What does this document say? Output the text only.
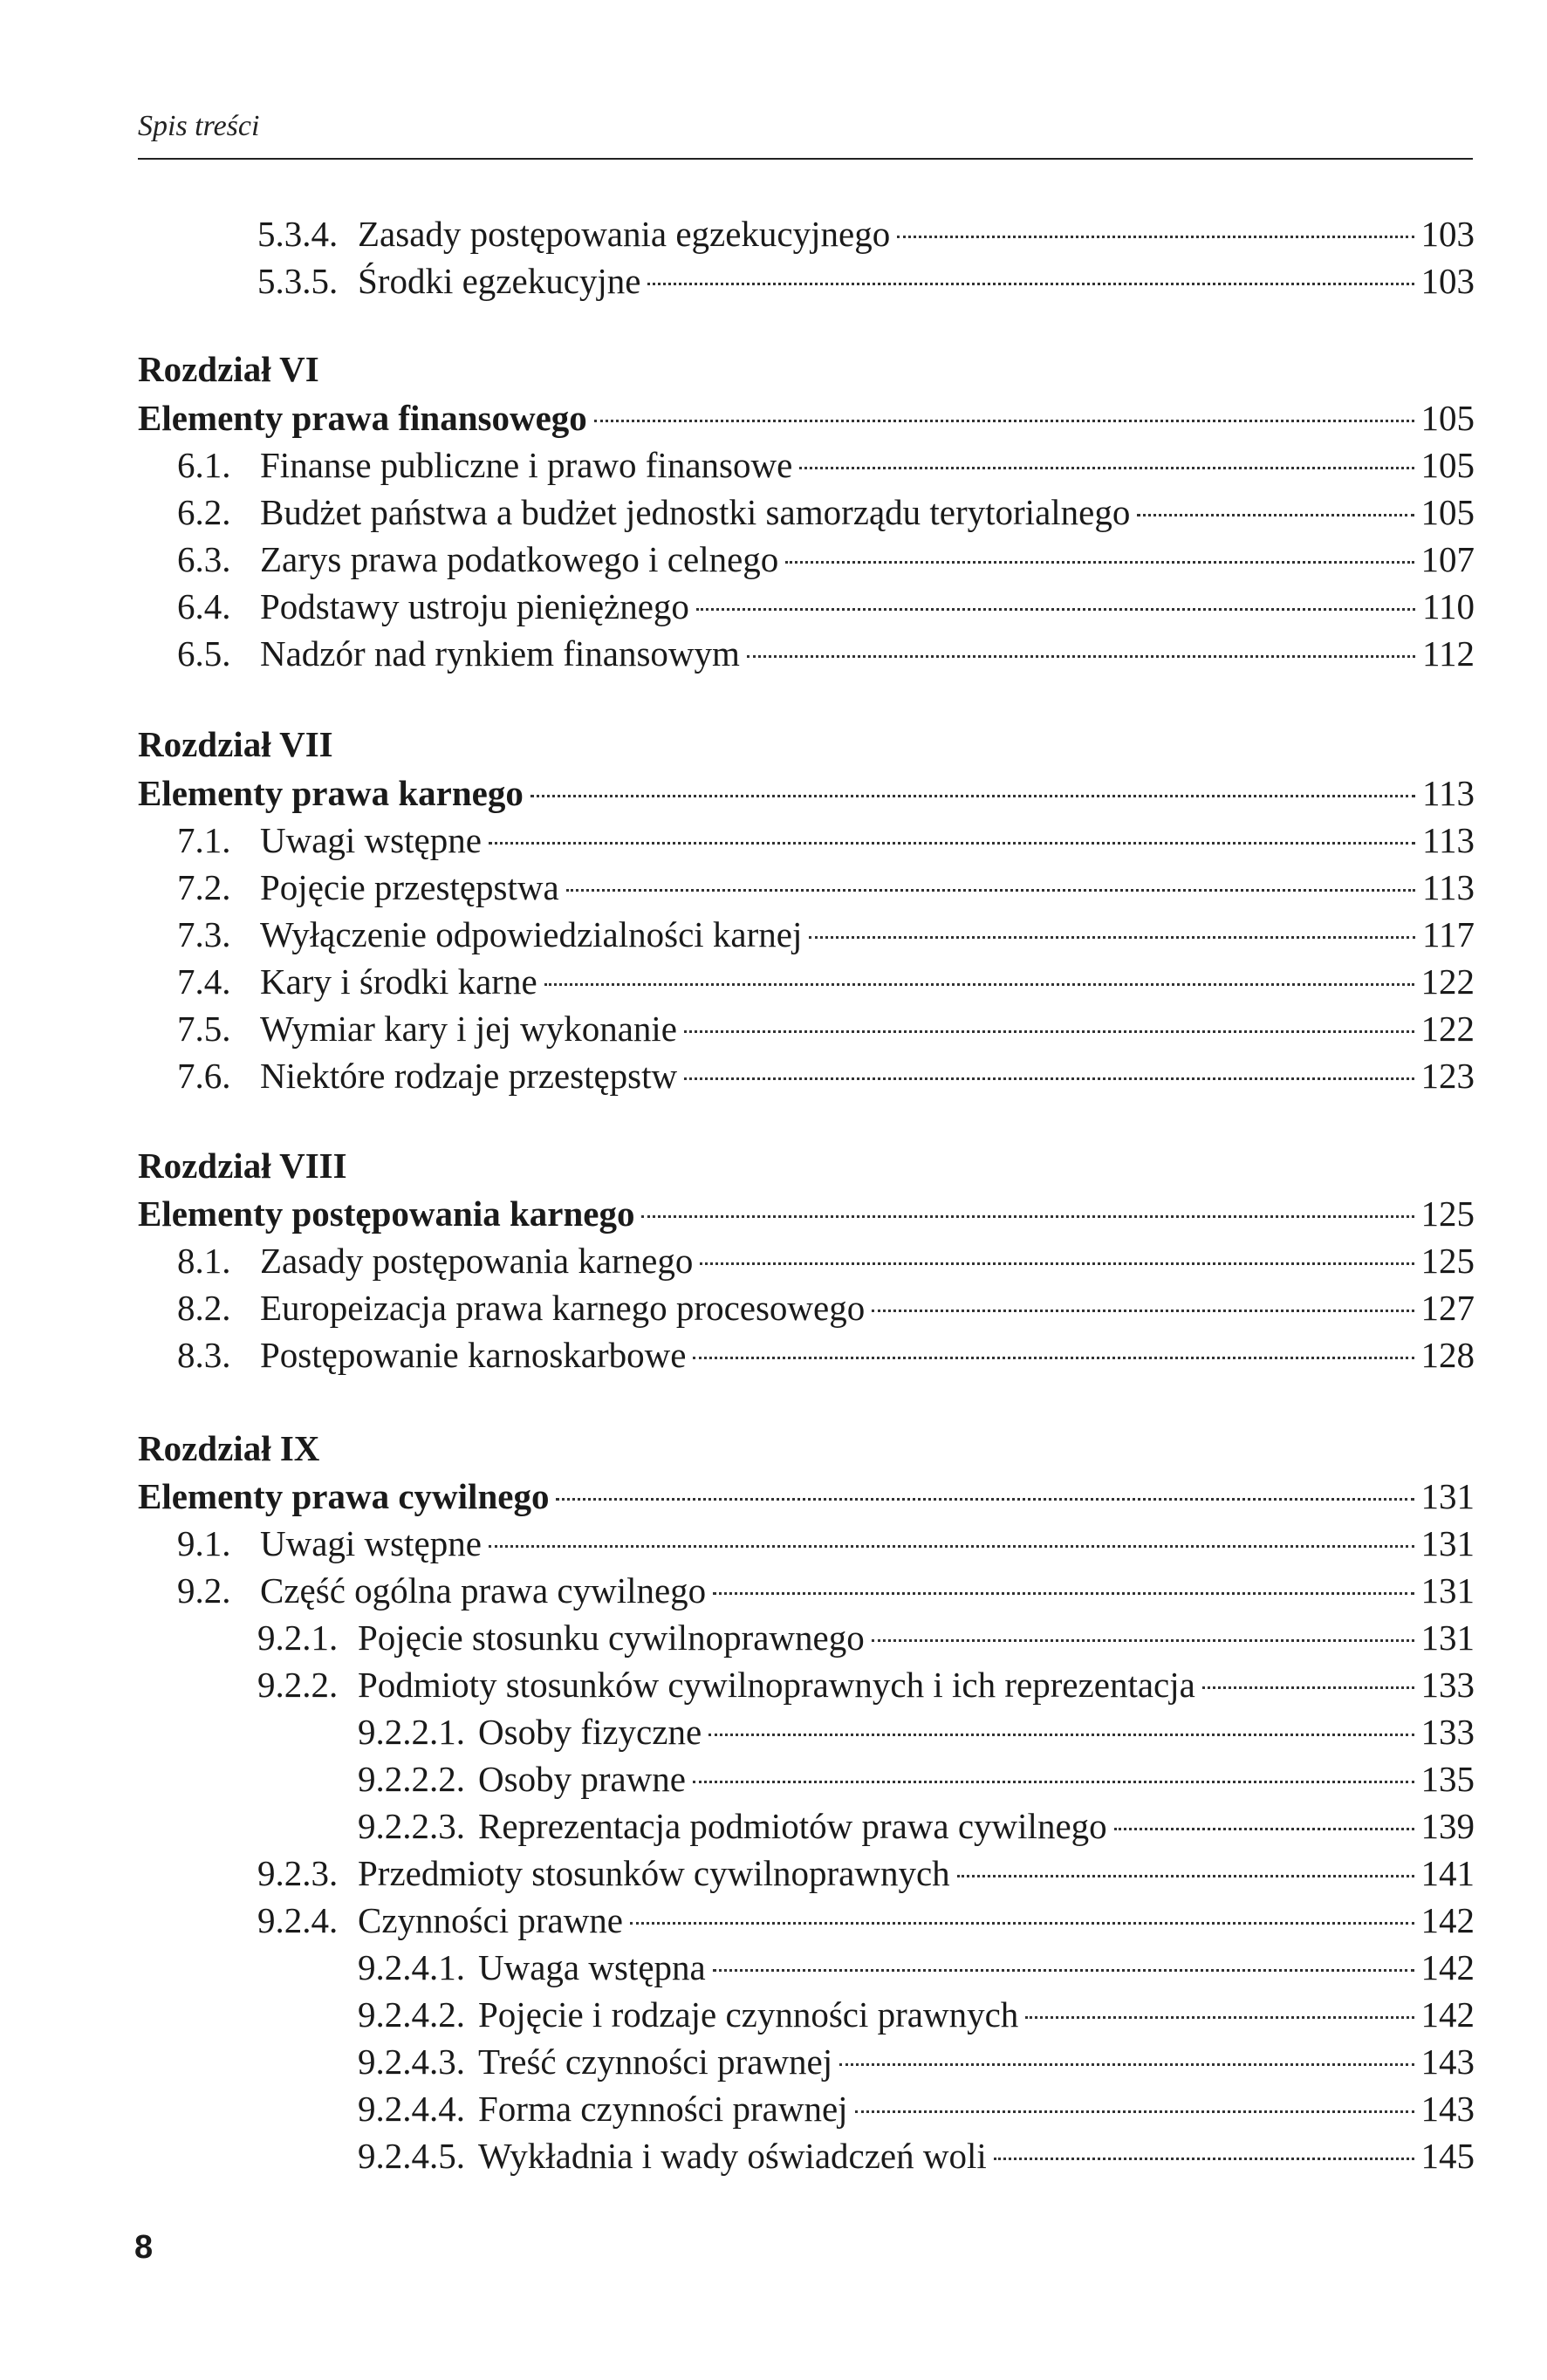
Spis treści
5.3.4. Zasady postępowania egzekucyjnego	103
5.3.5. Środki egzekucyjne	103
Rozdział VI
Elementy prawa finansowego	105
6.1. Finanse publiczne i prawo finansowe	105
6.2. Budżet państwa a budżet jednostki samorządu terytorialnego	105
6.3. Zarys prawa podatkowego i celnego	107
6.4. Podstawy ustroju pieniężnego	110
6.5. Nadzór nad rynkiem finansowym	112
Rozdział VII
Elementy prawa karnego	113
7.1. Uwagi wstępne	113
7.2. Pojęcie przestępstwa	113
7.3. Wyłączenie odpowiedzialności karnej	117
7.4. Kary i środki karne	122
7.5. Wymiar kary i jej wykonanie	122
7.6. Niektóre rodzaje przestępstw	123
Rozdział VIII
Elementy postępowania karnego	125
8.1. Zasady postępowania karnego	125
8.2. Europeizacja prawa karnego procesowego	127
8.3. Postępowanie karnoskarbowe	128
Rozdział IX
Elementy prawa cywilnego	131
9.1. Uwagi wstępne	131
9.2. Część ogólna prawa cywilnego	131
9.2.1. Pojęcie stosunku cywilnoprawnego	131
9.2.2. Podmioty stosunków cywilnoprawnych i ich reprezentacja	133
9.2.2.1. Osoby fizyczne	133
9.2.2.2. Osoby prawne	135
9.2.2.3. Reprezentacja podmiotów prawa cywilnego	139
9.2.3. Przedmioty stosunków cywilnoprawnych	141
9.2.4. Czynności prawne	142
9.2.4.1. Uwaga wstępna	142
9.2.4.2. Pojęcie i rodzaje czynności prawnych	142
9.2.4.3. Treść czynności prawnej	143
9.2.4.4. Forma czynności prawnej	143
9.2.4.5. Wykładnia i wady oświadczeń woli	145
8
